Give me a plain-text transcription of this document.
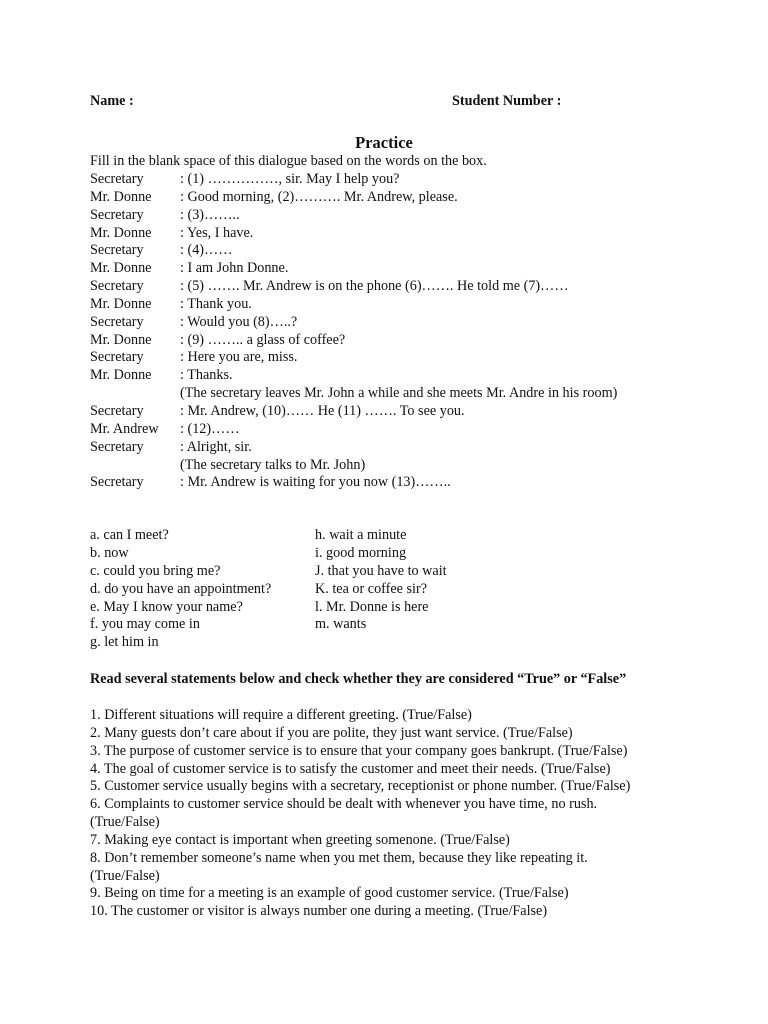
Name :	Student Number :
Practice
Fill in the blank space of this dialogue based on the words on the box.
Secretary	: (1) ……………, sir. May I help you?
Mr. Donne	: Good morning, (2)………. Mr. Andrew, please.
Secretary	: (3)……..
Mr. Donne	: Yes, I have.
Secretary	: (4)……
Mr. Donne	: I am John Donne.
Secretary	: (5) ……. Mr. Andrew is on the phone (6)……. He told me (7)……
Mr. Donne	: Thank you.
Secretary	: Would you (8)…..?
Mr. Donne	: (9) …….. a glass of coffee?
Secretary	: Here you are, miss.
Mr. Donne	: Thanks.
(The secretary leaves Mr. John a while and she meets Mr. Andre in his room)
Secretary	: Mr. Andrew, (10)…… He (11) ……. To see you.
Mr. Andrew	: (12)……
Secretary	: Alright, sir.
(The secretary talks to Mr. John)
Secretary	: Mr. Andrew is waiting for you now (13)……..
a. can I meet?
b. now
c. could you bring me?
d. do you have an appointment?
e. May I know your name?
f. you may come in
g. let him in
h. wait a minute
i. good morning
J. that you have to wait
K. tea or coffee sir?
l. Mr. Donne is here
m. wants
Read several statements below and check whether they are considered “True” or “False”
1. Different situations will require a different greeting. (True/False)
2. Many guests don’t care about if you are polite, they just want service. (True/False)
3. The purpose of customer service is to ensure that your company goes bankrupt. (True/False)
4. The goal of customer service is to satisfy the customer and meet their needs. (True/False)
5. Customer service usually begins with a secretary, receptionist or phone number. (True/False)
6. Complaints to customer service should be dealt with whenever you have time, no rush.
(True/False)
7. Making eye contact is important when greeting somenone. (True/False)
8. Don’t remember someone’s name when you met them, because they like repeating it.
(True/False)
9. Being on time for a meeting is an example of good customer service. (True/False)
10. The customer or visitor is always number one during a meeting. (True/False)
